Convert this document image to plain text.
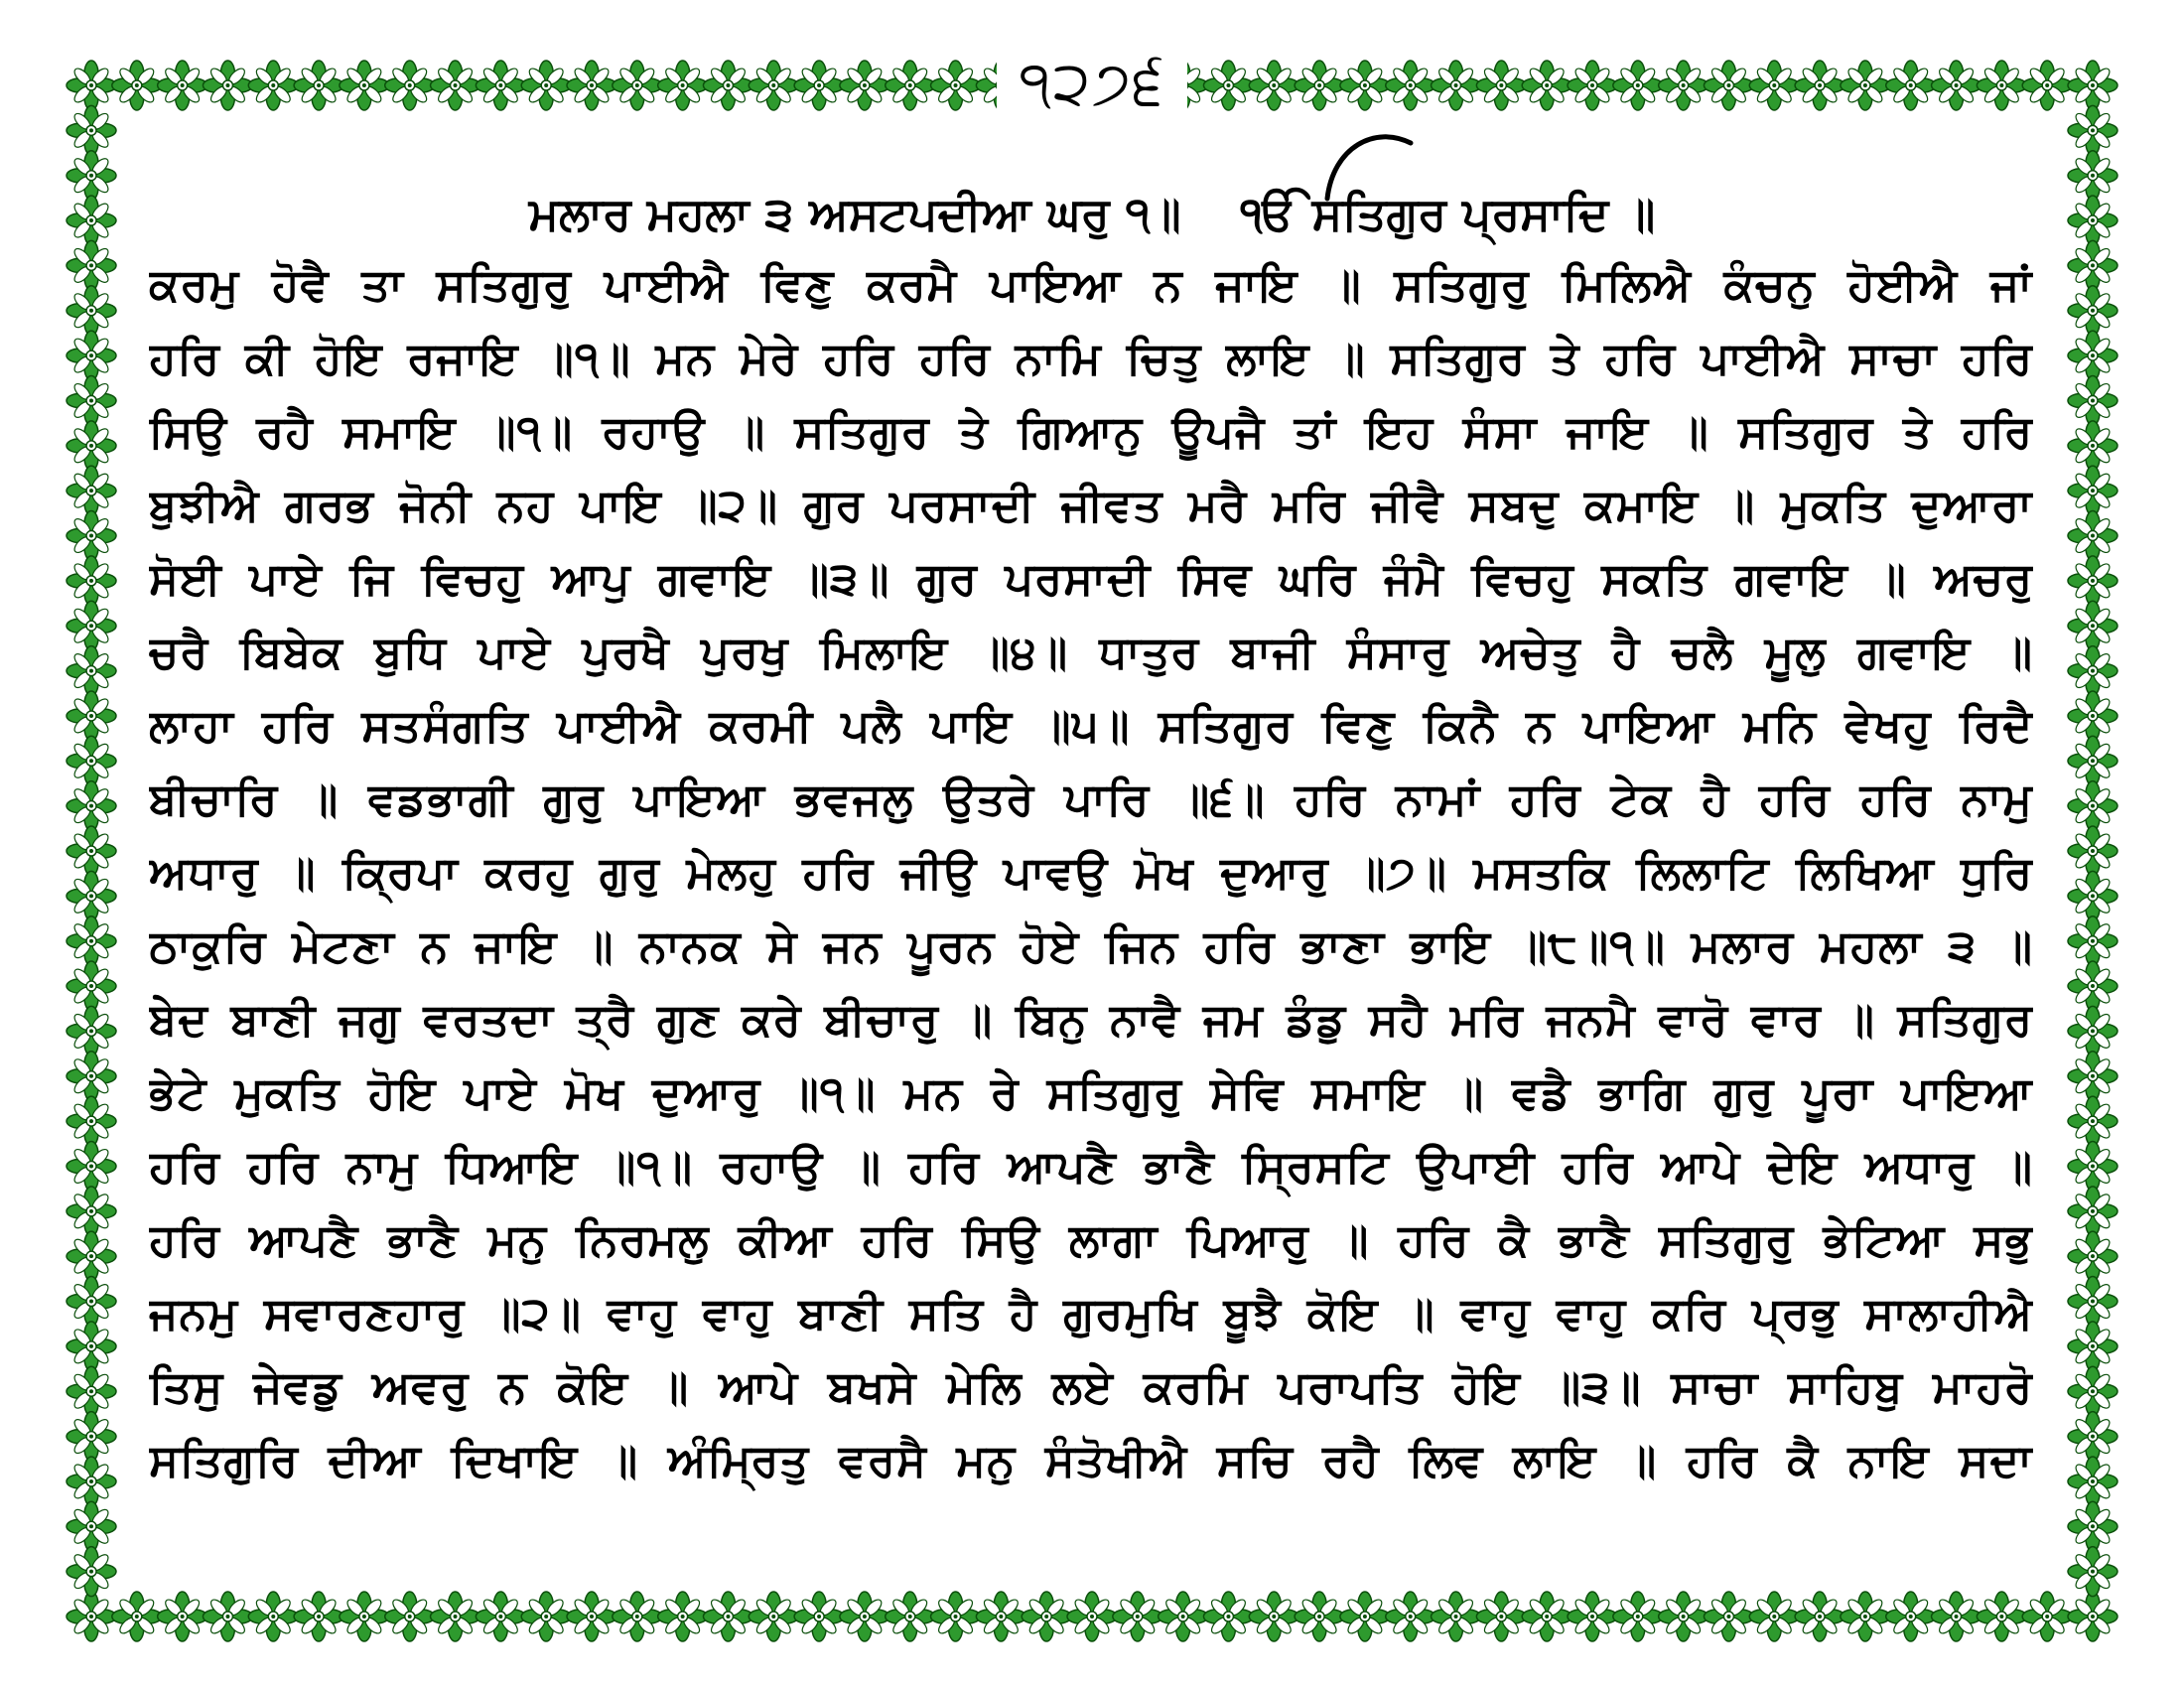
੧੨੭੬
ਮਲਾਰ ਮਹਲਾ ੩ ਅਸਟਪਦੀਆ ਘਰੁ ੧॥ ੴ ਸਤਿਗੁਰ ਪ੍ਰਸਾਦਿ ॥
ਕਰਮੁ ਹੋਵੈ ਤਾ ਸਤਿਗੁਰੁ ਪਾਈਐ ਵਿਣੁ ਕਰਮੈ ਪਾਇਆ ਨ ਜਾਇ ॥ ਸਤਿਗੁਰੁ ਮਿਲਿਐ ਕੰਚਨੁ ਹੋਈਐ ਜਾਂ
ਹਰਿ ਕੀ ਹੋਇ ਰਜਾਇ ॥੧॥ ਮਨ ਮੇਰੇ ਹਰਿ ਹਰਿ ਨਾਮਿ ਚਿਤੁ ਲਾਇ ॥ ਸਤਿਗੁਰ ਤੇ ਹਰਿ ਪਾਈਐ ਸਾਚਾ ਹਰਿ
ਸਿਉ ਰਹੈ ਸਮਾਇ ॥੧॥ ਰਹਾਉ ॥ ਸਤਿਗੁਰ ਤੇ ਗਿਆਨੁ ਊਪਜੈ ਤਾਂ ਇਹ ਸੰਸਾ ਜਾਇ ॥ ਸਤਿਗੁਰ ਤੇ ਹਰਿ
ਬੁਝੀਐ ਗਰਭ ਜੋਨੀ ਨਹ ਪਾਇ ॥੨॥ ਗੁਰ ਪਰਸਾਦੀ ਜੀਵਤ ਮਰੈ ਮਰਿ ਜੀਵੈ ਸਬਦੁ ਕਮਾਇ ॥ ਮੁਕਤਿ ਦੁਆਰਾ
ਸੋਈ ਪਾਏ ਜਿ ਵਿਚਹੁ ਆਪੁ ਗਵਾਇ ॥੩॥ ਗੁਰ ਪਰਸਾਦੀ ਸਿਵ ਘਰਿ ਜੰਮੈ ਵਿਚਹੁ ਸਕਤਿ ਗਵਾਇ ॥ ਅਚਰੁ
ਚਰੈ ਬਿਬੇਕ ਬੁਧਿ ਪਾਏ ਪੁਰਖੈ ਪੁਰਖੁ ਮਿਲਾਇ ॥੪॥ ਧਾਤੁਰ ਬਾਜੀ ਸੰਸਾਰੁ ਅਚੇਤੁ ਹੈ ਚਲੈ ਮੂਲੁ ਗਵਾਇ ॥
ਲਾਹਾ ਹਰਿ ਸਤਸੰਗਤਿ ਪਾਈਐ ਕਰਮੀ ਪਲੈ ਪਾਇ ॥੫॥ ਸਤਿਗੁਰ ਵਿਣੁ ਕਿਨੈ ਨ ਪਾਇਆ ਮਨਿ ਵੇਖਹੁ ਰਿਦੈ
ਬੀਚਾਰਿ ॥ ਵਡਭਾਗੀ ਗੁਰੁ ਪਾਇਆ ਭਵਜਲੁ ਉਤਰੇ ਪਾਰਿ ॥੬॥ ਹਰਿ ਨਾਮਾਂ ਹਰਿ ਟੇਕ ਹੈ ਹਰਿ ਹਰਿ ਨਾਮੁ
ਅਧਾਰੁ ॥ ਕ੍ਰਿਪਾ ਕਰਹੁ ਗੁਰੁ ਮੇਲਹੁ ਹਰਿ ਜੀਉ ਪਾਵਉ ਮੋਖ ਦੁਆਰੁ ॥੭॥ ਮਸਤਕਿ ਲਿਲਾਟਿ ਲਿਖਿਆ ਧੁਰਿ
ਠਾਕੁਰਿ ਮੇਟਣਾ ਨ ਜਾਇ ॥ ਨਾਨਕ ਸੇ ਜਨ ਪੂਰਨ ਹੋਏ ਜਿਨ ਹਰਿ ਭਾਣਾ ਭਾਇ ॥੮॥੧॥ ਮਲਾਰ ਮਹਲਾ ੩ ॥
ਬੇਦ ਬਾਣੀ ਜਗੁ ਵਰਤਦਾ ਤ੍ਰੈ ਗੁਣ ਕਰੇ ਬੀਚਾਰੁ ॥ ਬਿਨੁ ਨਾਵੈ ਜਮ ਡੰਡੁ ਸਹੈ ਮਰਿ ਜਨਮੈ ਵਾਰੋ ਵਾਰ ॥ ਸਤਿਗੁਰ
ਭੇਟੇ ਮੁਕਤਿ ਹੋਇ ਪਾਏ ਮੋਖ ਦੁਆਰੁ ॥੧॥ ਮਨ ਰੇ ਸਤਿਗੁਰੁ ਸੇਵਿ ਸਮਾਇ ॥ ਵਡੈ ਭਾਗਿ ਗੁਰੁ ਪੂਰਾ ਪਾਇਆ
ਹਰਿ ਹਰਿ ਨਾਮੁ ਧਿਆਇ ॥੧॥ ਰਹਾਉ ॥ ਹਰਿ ਆਪਣੈ ਭਾਣੈ ਸ੍ਰਿਸਟਿ ਉਪਾਈ ਹਰਿ ਆਪੇ ਦੇਇ ਅਧਾਰੁ ॥
ਹਰਿ ਆਪਣੈ ਭਾਣੈ ਮਨੁ ਨਿਰਮਲੁ ਕੀਆ ਹਰਿ ਸਿਉ ਲਾਗਾ ਪਿਆਰੁ ॥ ਹਰਿ ਕੈ ਭਾਣੈ ਸਤਿਗੁਰੁ ਭੇਟਿਆ ਸਭੁ
ਜਨਮੁ ਸਵਾਰਣਹਾਰੁ ॥੨॥ ਵਾਹੁ ਵਾਹੁ ਬਾਣੀ ਸਤਿ ਹੈ ਗੁਰਮੁਖਿ ਬੂਝੈ ਕੋਇ ॥ ਵਾਹੁ ਵਾਹੁ ਕਰਿ ਪ੍ਰਭੁ ਸਾਲਾਹੀਐ
ਤਿਸੁ ਜੇਵਡੁ ਅਵਰੁ ਨ ਕੋਇ ॥ ਆਪੇ ਬਖਸੇ ਮੇਲਿ ਲਏ ਕਰਮਿ ਪਰਾਪਤਿ ਹੋਇ ॥੩॥ ਸਾਚਾ ਸਾਹਿਬੁ ਮਾਹਰੋ
ਸਤਿਗੁਰਿ ਦੀਆ ਦਿਖਾਇ ॥ ਅੰਮ੍ਰਿਤੁ ਵਰਸੈ ਮਨੁ ਸੰਤੋਖੀਐ ਸਚਿ ਰਹੈ ਲਿਵ ਲਾਇ ॥ ਹਰਿ ਕੈ ਨਾਇ ਸਦਾ
